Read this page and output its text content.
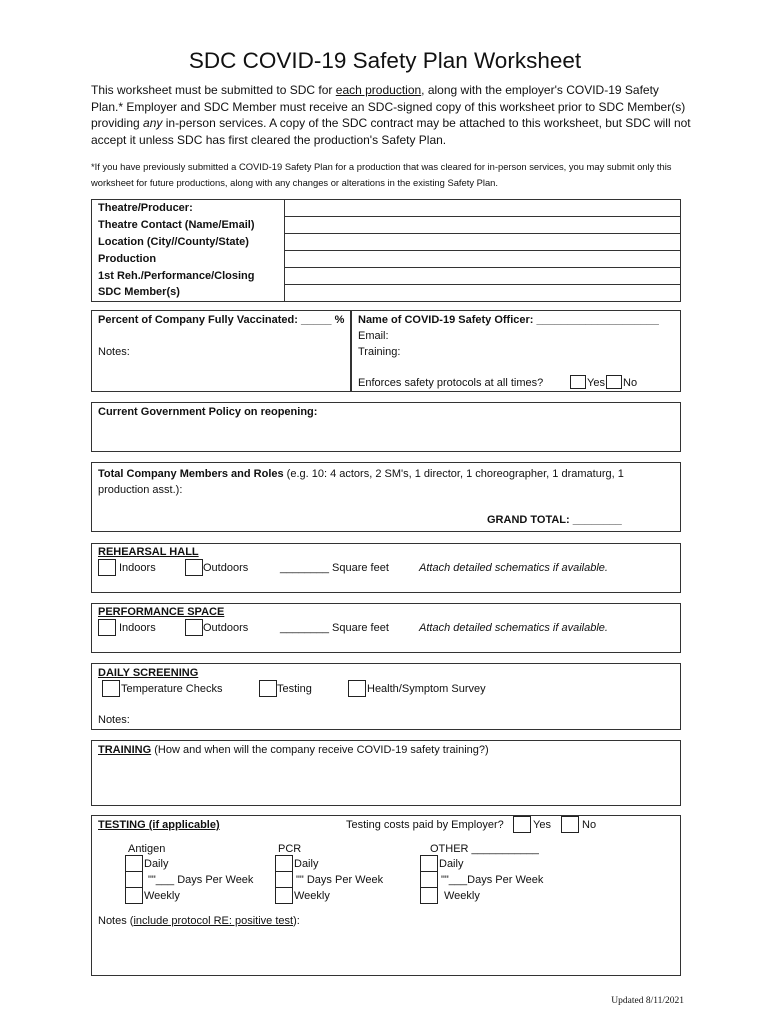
SDC COVID-19 Safety Plan Worksheet

This worksheet must be submitted to SDC for each production, along with the employer's COVID-19 Safety Plan.* Employer and SDC Member must receive an SDC-signed copy of this worksheet prior to SDC Member(s) providing any in-person services. A copy of the SDC contract may be attached to this worksheet, but SDC will not accept it unless SDC has first cleared the production's Safety Plan.

*If you have previously submitted a COVID-19 Safety Plan for a production that was cleared for in-person services, you may submit only this worksheet for future productions, along with any changes or alterations in the existing Safety Plan.

Theatre/Producer:	
Theatre Contact (Name/Email)	
Location (City//County/State)	
Production	
1st Reh./Performance/Closing	
SDC Member(s)	
Percent of Company Fully Vaccinated: _____ %
Notes:
Name of COVID-19 Safety Officer: ____________________
Email:
Training:
Enforces safety protocols at all times?	Yes No
Current Government Policy on reopening:
Total Company Members and Roles (e.g. 10: 4 actors, 2 SM's, 1 director, 1 choreographer, 1 dramaturg, 1 production asst.):
GRAND TOTAL: ________
REHEARSAL HALL
Indoors	Outdoors	________ Square feet	Attach detailed schematics if available.
PERFORMANCE SPACE
Indoors	Outdoors	________ Square feet	Attach detailed schematics if available.
DAILY SCREENING
Temperature Checks	Testing	Health/Symptom Survey
Notes:
TRAINING (How and when will the company receive COVID-19 safety training?)
TESTING (if applicable)	Testing costs paid by Employer?	Yes	No
Antigen
Daily
""___ Days Per Week
Weekly
PCR
Daily
"" Days Per Week
Weekly
OTHER ___________
Daily
""___Days Per Week
Weekly
Notes (include protocol RE: positive test):
Updated 8/11/2021
